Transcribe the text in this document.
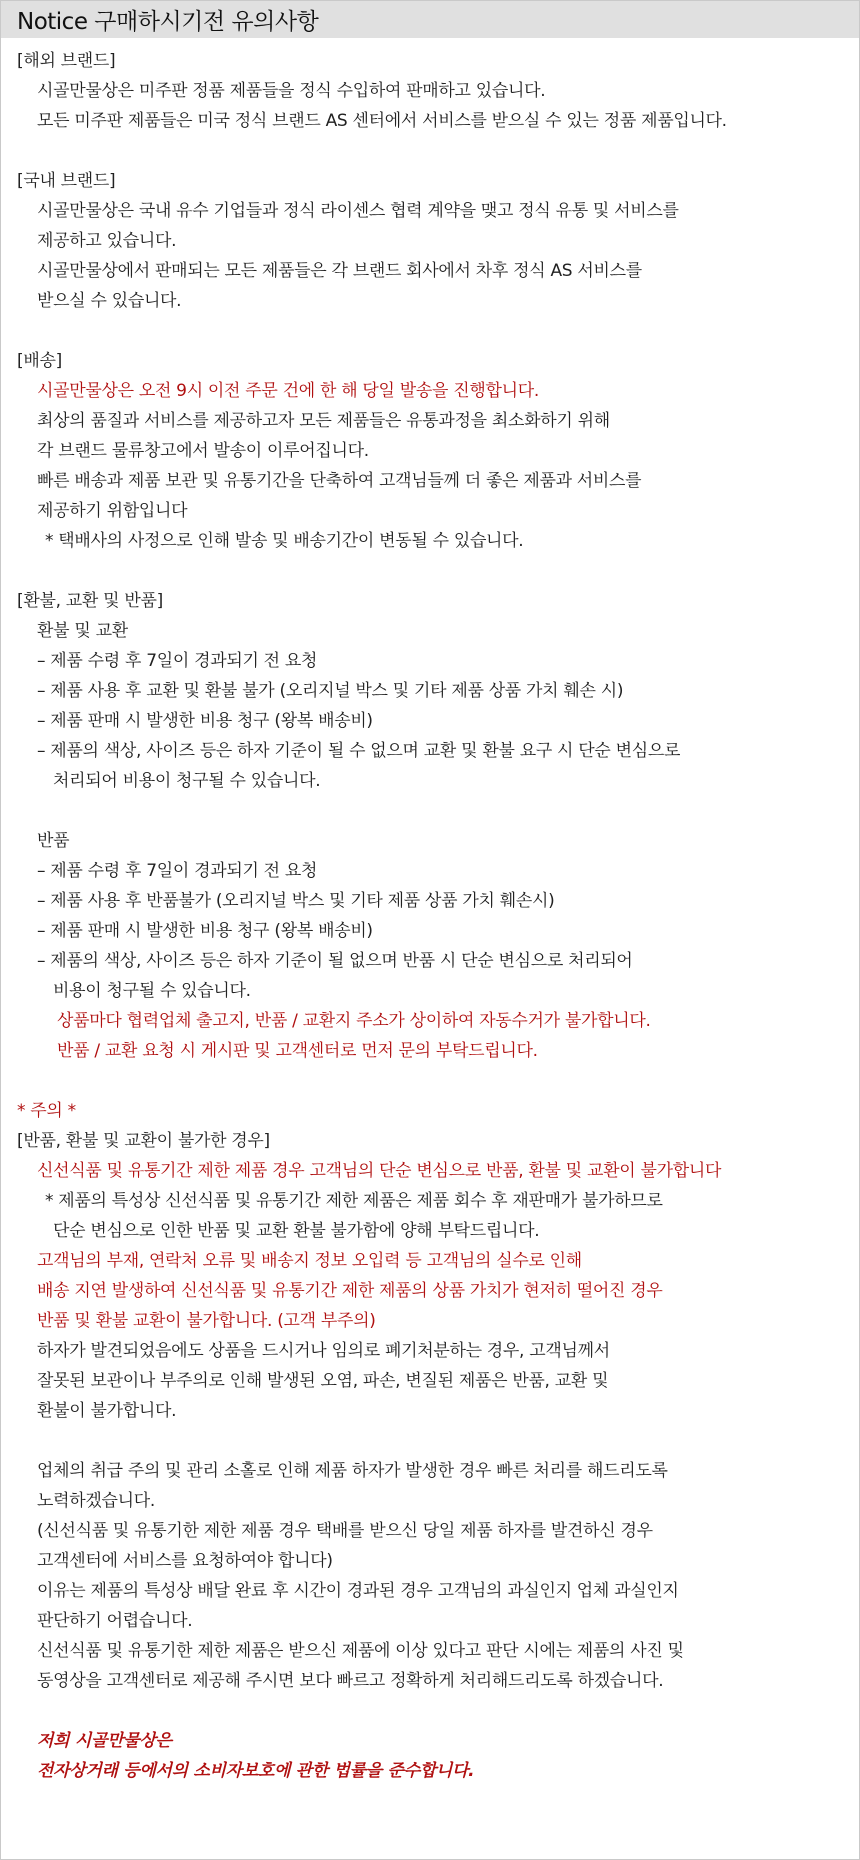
Notice 구매하시기전 유의사항
[해외 브랜드]
시골만물상은 미주판 정품 제품들을 정식 수입하여 판매하고 있습니다.
모든 미주판 제품들은 미국 정식 브랜드 AS 센터에서 서비스를 받으실 수 있는 정품 제품입니다.
[국내 브랜드]
시골만물상은 국내 유수 기업들과 정식 라이센스 협력 계약을 맺고 정식 유통 및 서비스를
제공하고 있습니다.
시골만물상에서 판매되는 모든 제품들은 각 브랜드 회사에서 차후 정식 AS 서비스를
받으실 수 있습니다.
[배송]
시골만물상은 오전 9시 이전 주문 건에 한 해 당일 발송을 진행합니다.
최상의 품질과 서비스를 제공하고자 모든 제품들은 유통과정을 최소화하기 위해
각 브랜드 물류창고에서 발송이 이루어집니다.
빠른 배송과 제품 보관 및 유통기간을 단축하여 고객님들께 더 좋은 제품과 서비스를
제공하기 위함입니다
* 택배사의 사정으로 인해 발송 및 배송기간이 변동될 수 있습니다.
[환불, 교환 및 반품]
환불 및 교환
– 제품 수령 후 7일이 경과되기 전 요청
– 제품 사용 후 교환 및 환불 불가 (오리지널 박스 및 기타 제품 상품 가치 훼손 시)
– 제품 판매 시 발생한 비용 청구 (왕복 배송비)
– 제품의 색상, 사이즈 등은 하자 기준이 될 수 없으며 교환 및 환불 요구 시 단순 변심으로
처리되어 비용이 청구될 수 있습니다.
반품
– 제품 수령 후 7일이 경과되기 전 요청
– 제품 사용 후 반품불가 (오리지널 박스 및 기타 제품 상품 가치 훼손시)
– 제품 판매 시 발생한 비용 청구 (왕복 배송비)
– 제품의 색상, 사이즈 등은 하자 기준이 될 없으며 반품 시 단순 변심으로 처리되어
비용이 청구될 수 있습니다.
상품마다 협력업체 출고지, 반품 / 교환지 주소가 상이하여 자동수거가 불가합니다.
반품 / 교환 요청 시 게시판 및 고객센터로 먼저 문의 부탁드립니다.
* 주의 *
[반품, 환불 및 교환이 불가한 경우]
신선식품 및 유통기간 제한 제품 경우 고객님의 단순 변심으로 반품, 환불 및 교환이 불가합니다
* 제품의 특성상 신선식품 및 유통기간 제한 제품은 제품 회수 후 재판매가 불가하므로
단순 변심으로 인한 반품 및 교환 환불 불가함에 양해 부탁드립니다.
고객님의 부재, 연락처 오류 및 배송지 정보 오입력 등 고객님의 실수로 인해
배송 지연 발생하여 신선식품 및 유통기간 제한 제품의 상품 가치가 현저히 떨어진 경우
반품 및 환불 교환이 불가합니다. (고객 부주의)
하자가 발견되었음에도 상품을 드시거나 임의로 폐기처분하는 경우, 고객님께서
잘못된 보관이나 부주의로 인해 발생된 오염, 파손, 변질된 제품은 반품, 교환 및
환불이 불가합니다.
업체의 취급 주의 및 관리 소홀로 인해 제품 하자가 발생한 경우 빠른 처리를 해드리도록
노력하겠습니다.
(신선식품 및 유통기한 제한 제품 경우 택배를 받으신 당일 제품 하자를 발견하신 경우
고객센터에 서비스를 요청하여야 합니다)
이유는 제품의 특성상 배달 완료 후 시간이 경과된 경우 고객님의 과실인지 업체 과실인지
판단하기 어렵습니다.
신선식품 및 유통기한 제한 제품은 받으신 제품에 이상 있다고 판단 시에는 제품의 사진 및
동영상을 고객센터로 제공해 주시면 보다 빠르고 정확하게 처리해드리도록 하겠습니다.
저희 시골만물상은
전자상거래 등에서의 소비자보호에 관한 법률을 준수합니다.
